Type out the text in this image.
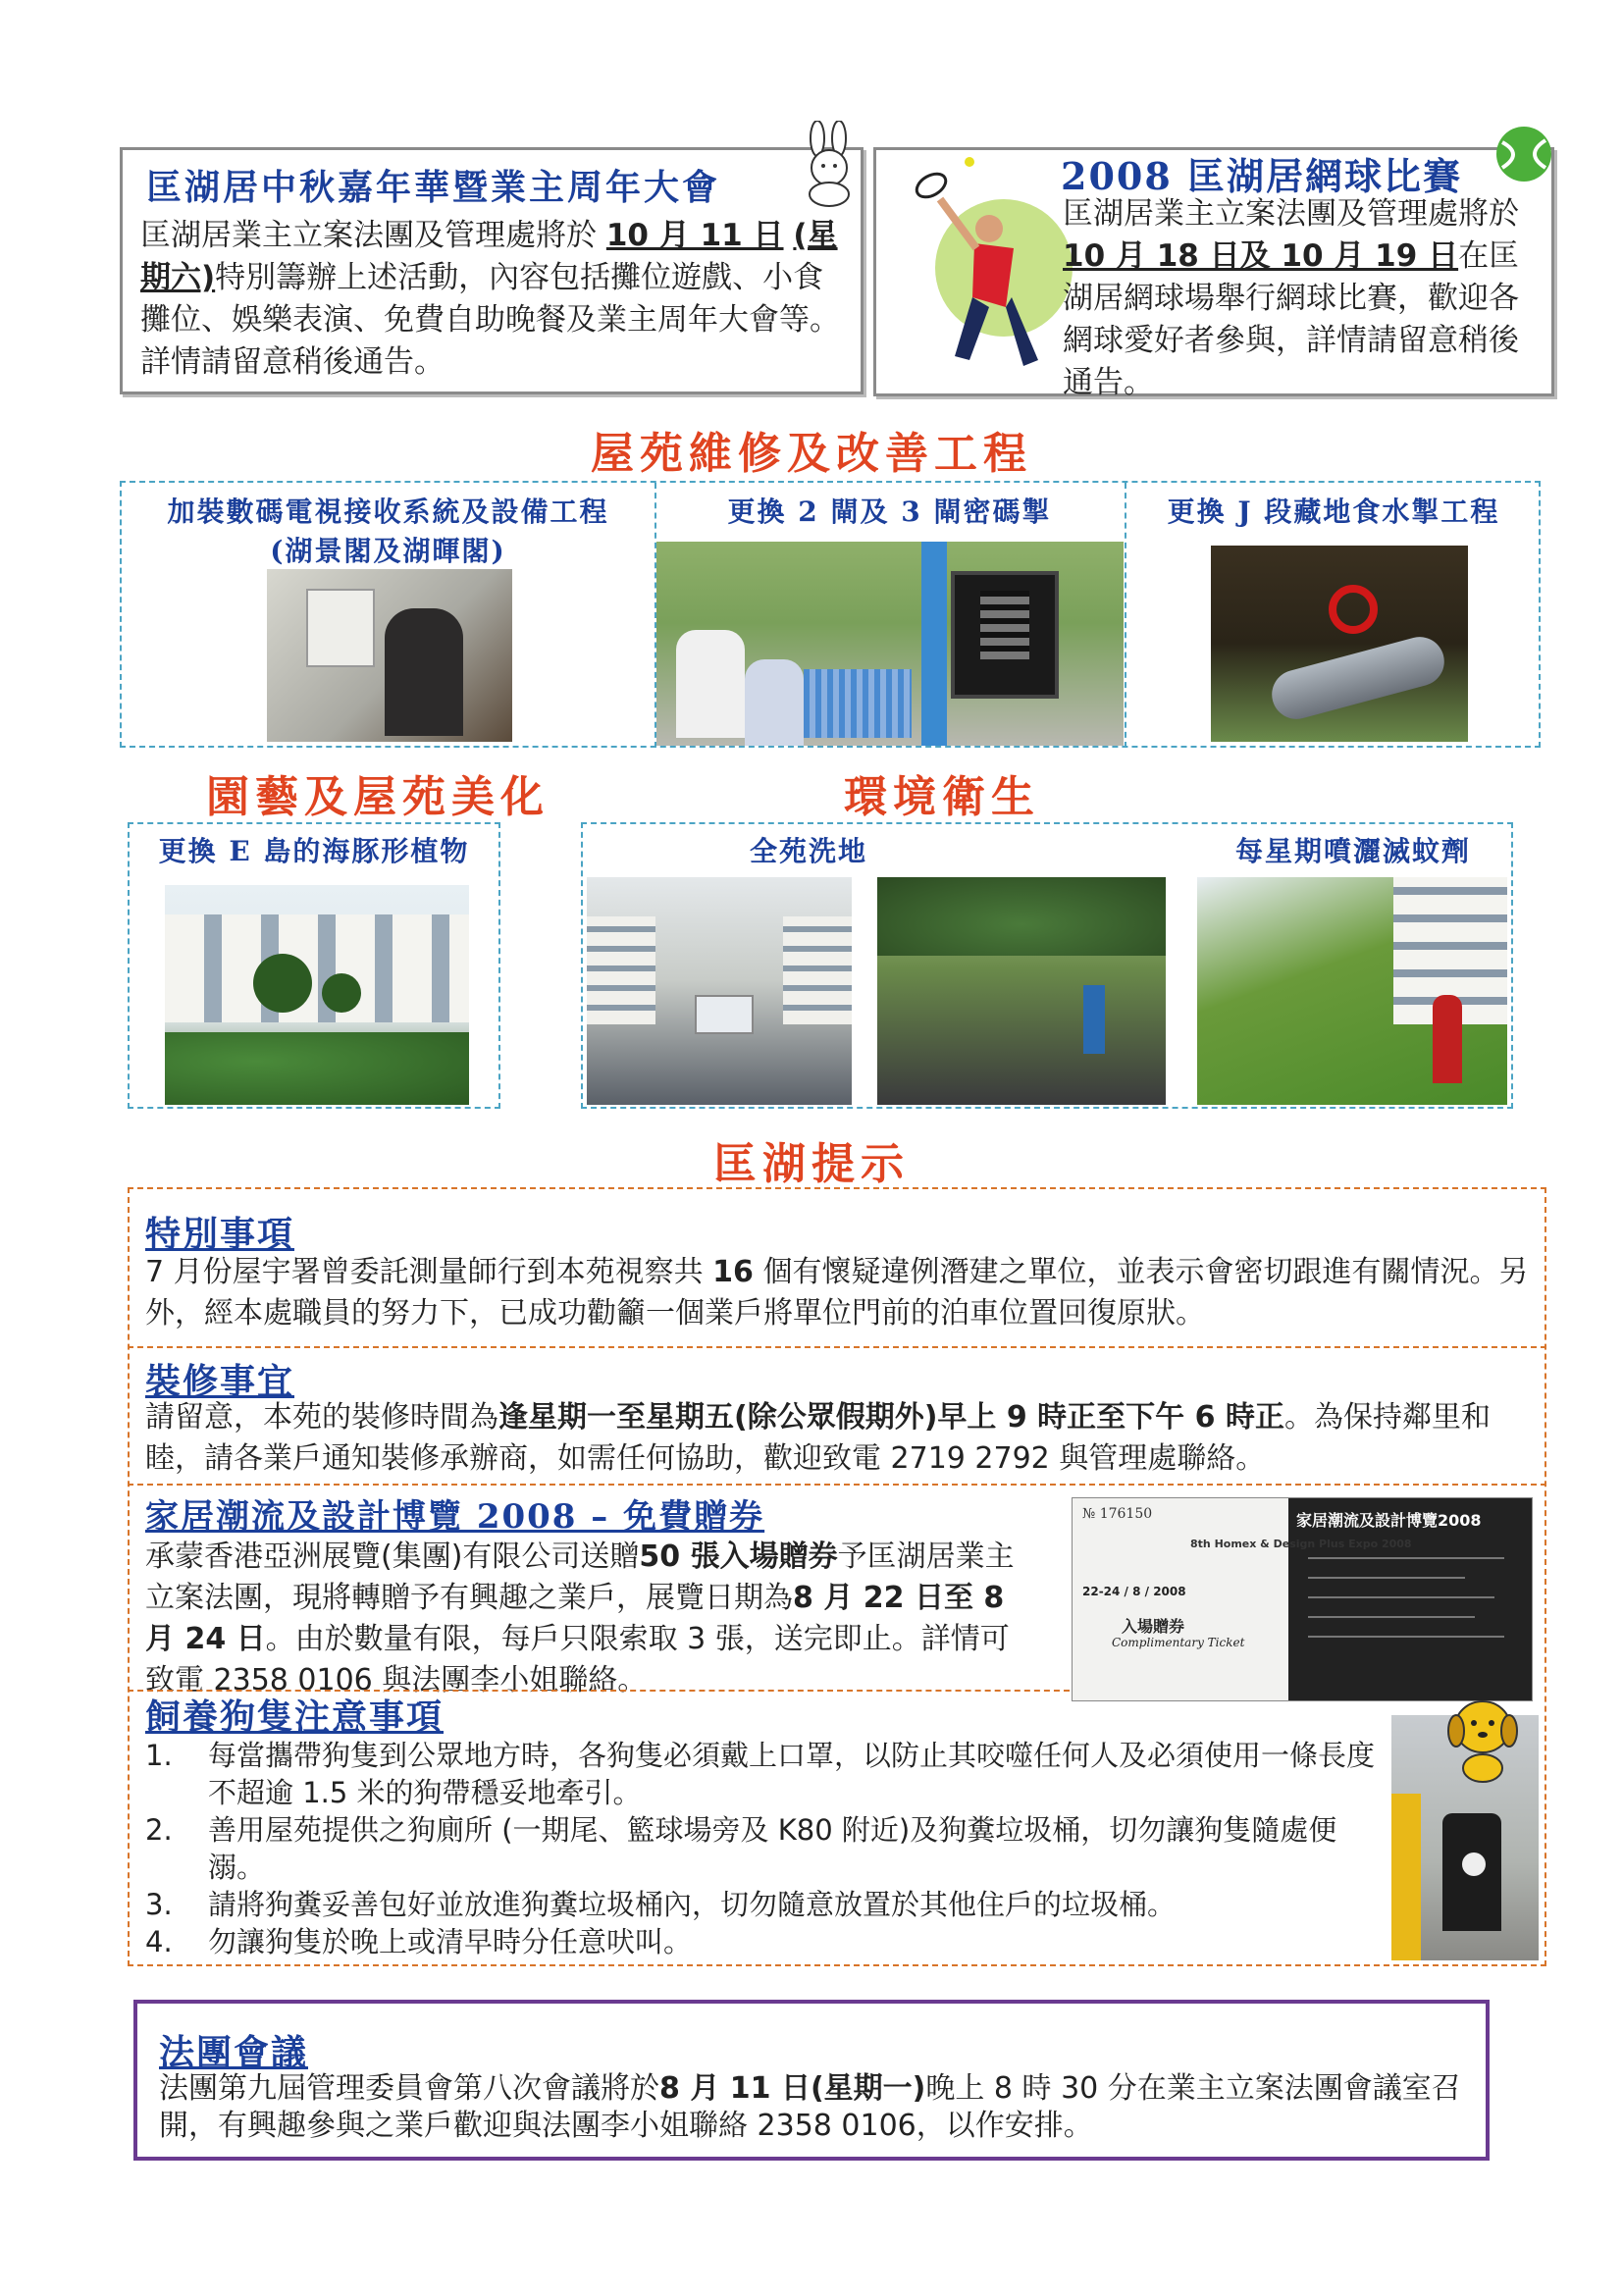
匡湖居中秋嘉年華暨業主周年大會
匡湖居業主立案法團及管理處將於 10 月 11 日 (星期六)特別籌辦上述活動，內容包括攤位遊戲、小食攤位、娛樂表演、免費自助晚餐及業主周年大會等。詳情請留意稍後通告。
2008 匡湖居網球比賽
匡湖居業主立案法團及管理處將於 10 月 18 日及 10 月 19 日在匡湖居網球場舉行網球比賽，歡迎各網球愛好者參與，詳情請留意稍後通告。
屋苑維修及改善工程
加裝數碼電視接收系統及設備工程
(湖景閣及湖暉閣)
更換 2 閘及 3 閘密碼掣	更換 J 段藏地食水掣工程
園藝及屋苑美化	環境衛生
更換 E 島的海豚形植物	全苑洗地	每星期噴灑滅蚊劑
匡湖提示
特別事項
7 月份屋宇署曾委託測量師行到本苑視察共 16 個有懷疑違例潛建之單位，並表示會密切跟進有關情況。另外，經本處職員的努力下，已成功勸籲一個業戶將單位門前的泊車位置回復原狀。
裝修事宜
請留意，本苑的裝修時間為逢星期一至星期五(除公眾假期外)早上 9 時正至下午 6 時正。為保持鄰里和睦，請各業戶通知裝修承辦商，如需任何協助，歡迎致電 2719 2792 與管理處聯絡。
家居潮流及設計博覽 2008 – 免費贈券
承蒙香港亞洲展覽(集團)有限公司送贈50 張入場贈券予匡湖居業主立案法團，現將轉贈予有興趣之業戶，展覽日期為8 月 22 日至 8 月 24 日。由於數量有限，每戶只限索取 3 張，送完即止。詳情可致電 2358 0106 與法團李小姐聯絡。
№ 176150	家居潮流及設計博覽2008
8th Homex & Design Plus Expo 2008
22-24 / 8 / 2008
入場贈券
Complimentary Ticket
飼養狗隻注意事項
1.	每當攜帶狗隻到公眾地方時，各狗隻必須戴上口罩，以防止其咬噬任何人及必須使用一條長度不超逾 1.5 米的狗帶穩妥地牽引。
2.	善用屋苑提供之狗廁所 (一期尾、籃球場旁及 K80 附近)及狗糞垃圾桶，切勿讓狗隻隨處便溺。
3.	請將狗糞妥善包好並放進狗糞垃圾桶內，切勿隨意放置於其他住戶的垃圾桶。
4.	勿讓狗隻於晚上或清早時分任意吠叫。
法團會議
法團第九屆管理委員會第八次會議將於8 月 11 日(星期一)晚上 8 時 30 分在業主立案法團會議室召開，有興趣參與之業戶歡迎與法團李小姐聯絡 2358 0106，以作安排。
